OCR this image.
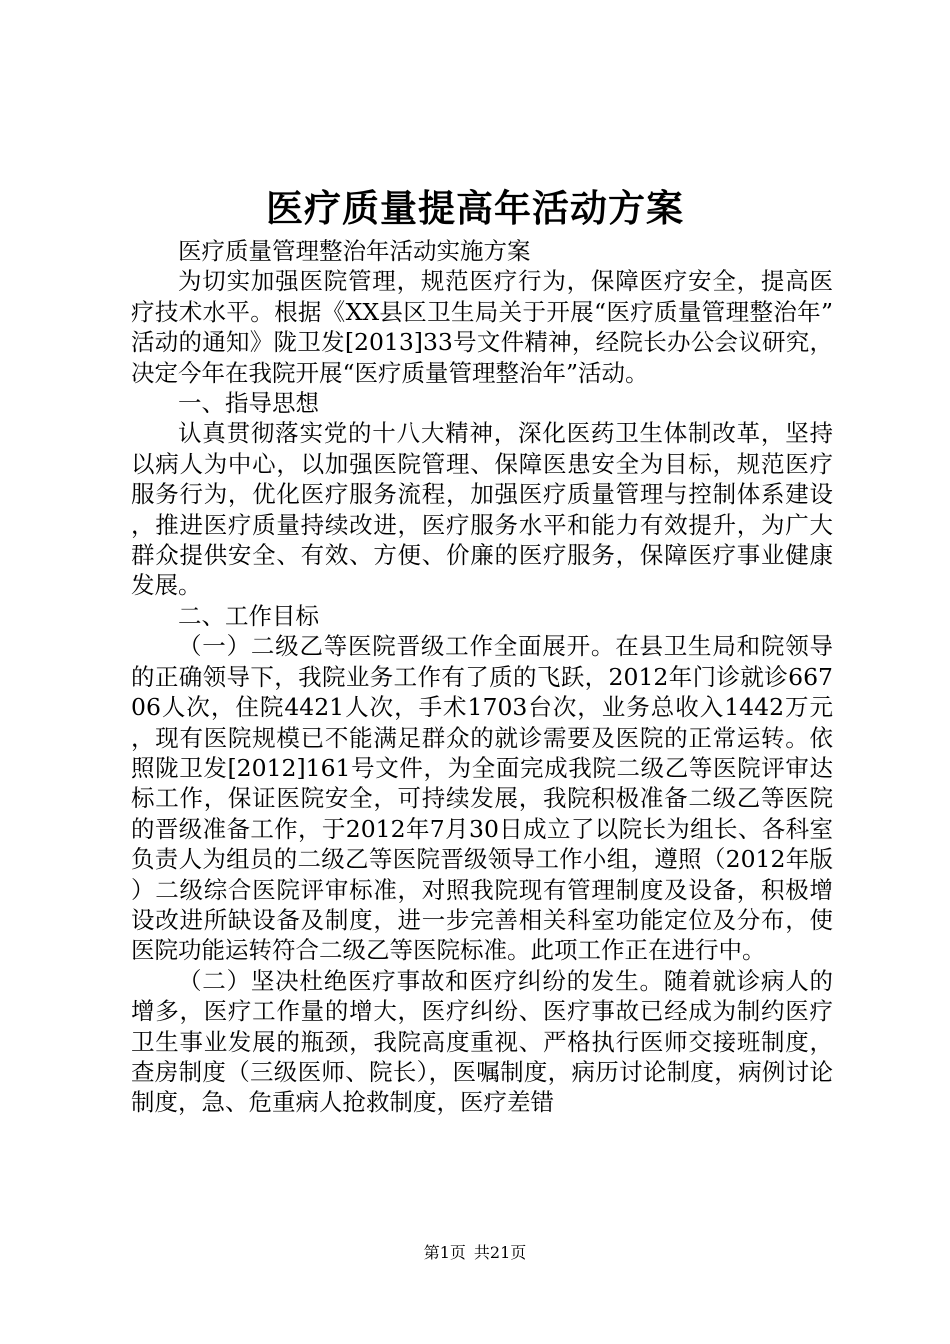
医疗质量提高年活动方案

医疗质量管理整治年活动实施方案

为切实加强医院管理，规范医疗行为，保障医疗安全，提高医疗技术水平。根据《XX县区卫生局关于开展“医疗质量管理整治年”活动的通知》陇卫发[2013]33号文件精神，经院长办公会议研究，决定今年在我院开展“医疗质量管理整治年”活动。

一、指导思想

认真贯彻落实党的十八大精神，深化医药卫生体制改革，坚持以病人为中心，以加强医院管理、保障医患安全为目标，规范医疗服务行为，优化医疗服务流程，加强医疗质量管理与控制体系建设，推进医疗质量持续改进，医疗服务水平和能力有效提升，为广大群众提供安全、有效、方便、价廉的医疗服务，保障医疗事业健康发展。

二、工作目标

（一）二级乙等医院晋级工作全面展开。在县卫生局和院领导的正确领导下，我院业务工作有了质的飞跃，2012年门诊就诊66706人次，住院4421人次，手术1703台次，业务总收入1442万元，现有医院规模已不能满足群众的就诊需要及医院的正常运转。依照陇卫发[2012]161号文件，为全面完成我院二级乙等医院评审达标工作，保证医院安全，可持续发展，我院积极准备二级乙等医院的晋级准备工作，于2012年7月30日成立了以院长为组长、各科室负责人为组员的二级乙等医院晋级领导工作小组，遵照（2012年版）二级综合医院评审标准，对照我院现有管理制度及设备，积极增设改进所缺设备及制度，进一步完善相关科室功能定位及分布，使医院功能运转符合二级乙等医院标准。此项工作正在进行中。

（二）坚决杜绝医疗事故和医疗纠纷的发生。随着就诊病人的增多，医疗工作量的增大，医疗纠纷、医疗事故已经成为制约医疗卫生事业发展的瓶颈，我院高度重视、严格执行医师交接班制度，查房制度（三级医师、院长），医嘱制度，病历讨论制度，病例讨论制度，急、危重病人抢救制度，医疗差错

第1页 共21页
